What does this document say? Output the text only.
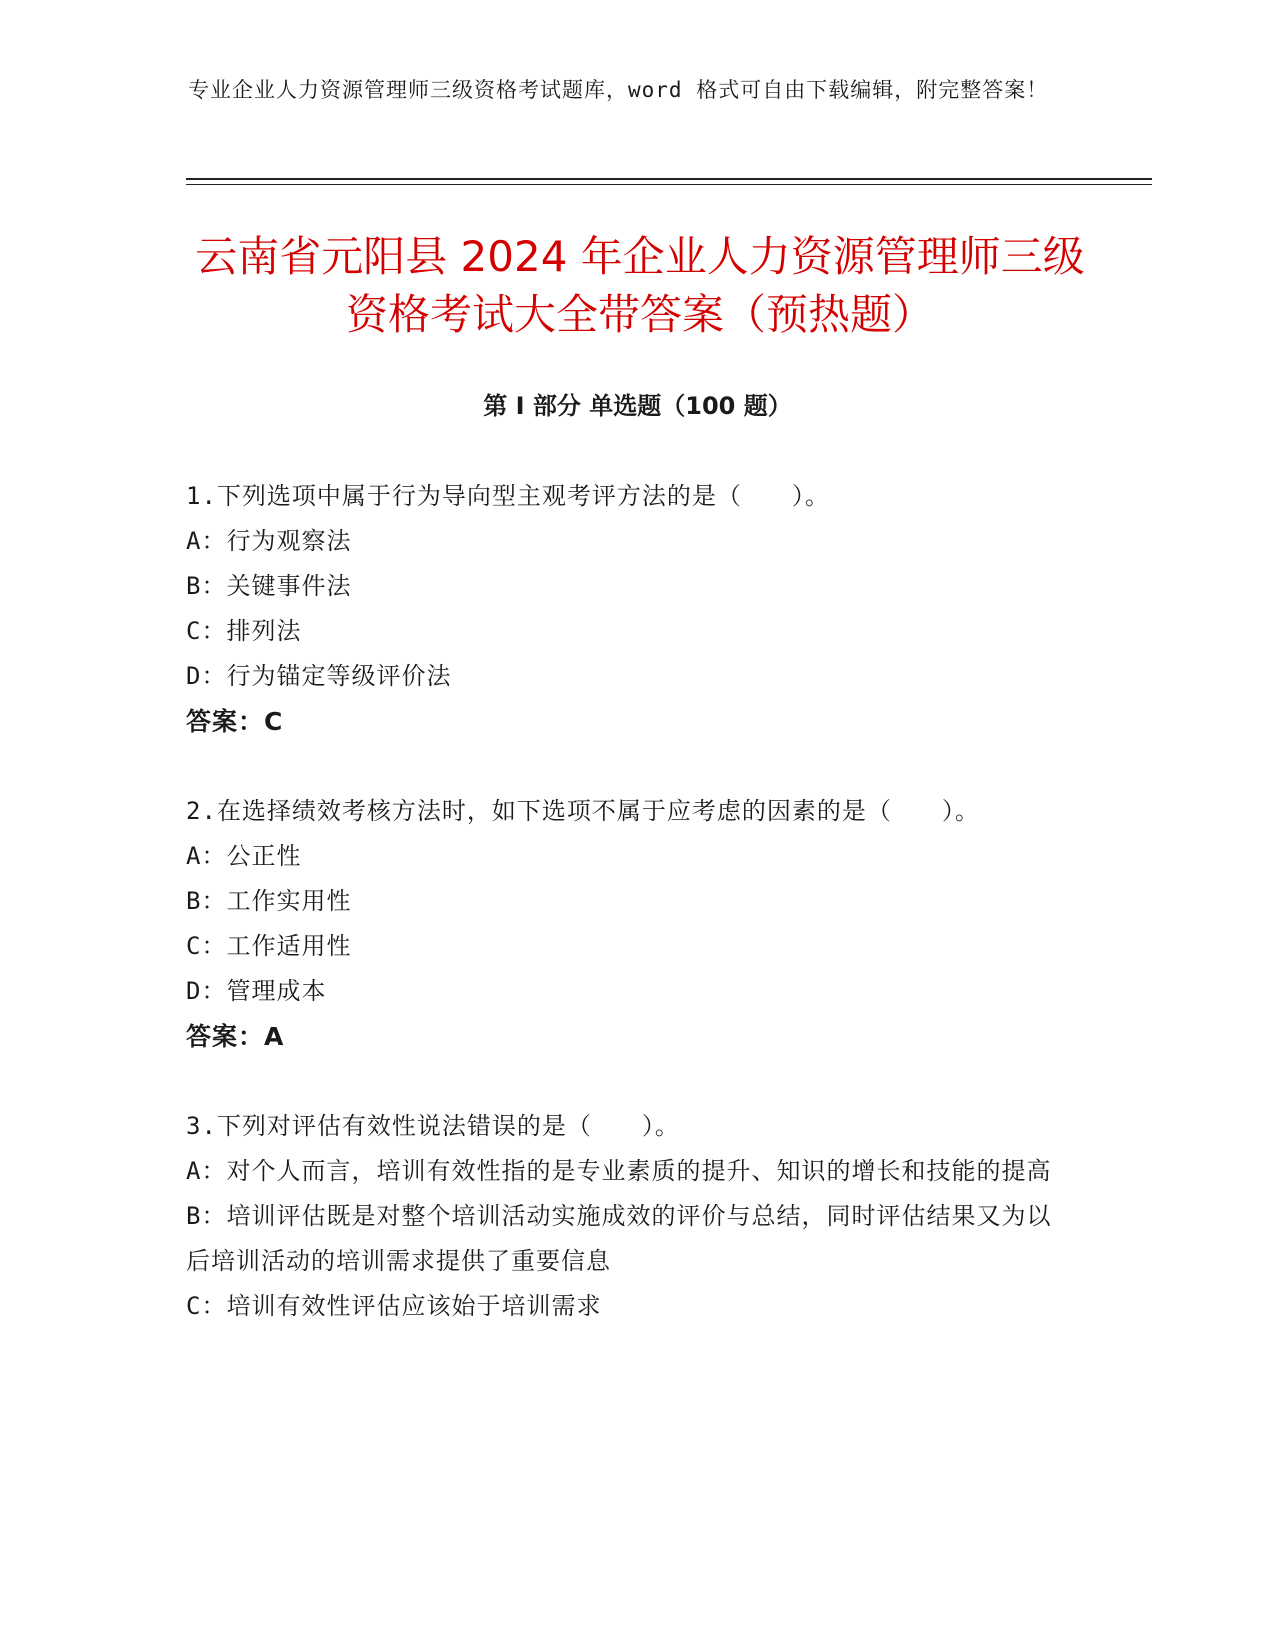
专业企业人力资源管理师三级资格考试题库，word 格式可自由下载编辑，附完整答案！
云南省元阳县 2024 年企业人力资源管理师三级资格考试大全带答案（预热题）
第 I 部分 单选题（100 题）
1.下列选项中属于行为导向型主观考评方法的是（　　）。
A：行为观察法
B：关键事件法
C：排列法
D：行为锚定等级评价法
答案：C
2.在选择绩效考核方法时，如下选项不属于应考虑的因素的是（　　）。
A：公正性
B：工作实用性
C：工作适用性
D：管理成本
答案：A
3.下列对评估有效性说法错误的是（　　）。
A：对个人而言，培训有效性指的是专业素质的提升、知识的增长和技能的提高
B：培训评估既是对整个培训活动实施成效的评价与总结，同时评估结果又为以后培训活动的培训需求提供了重要信息
C：培训有效性评估应该始于培训需求
